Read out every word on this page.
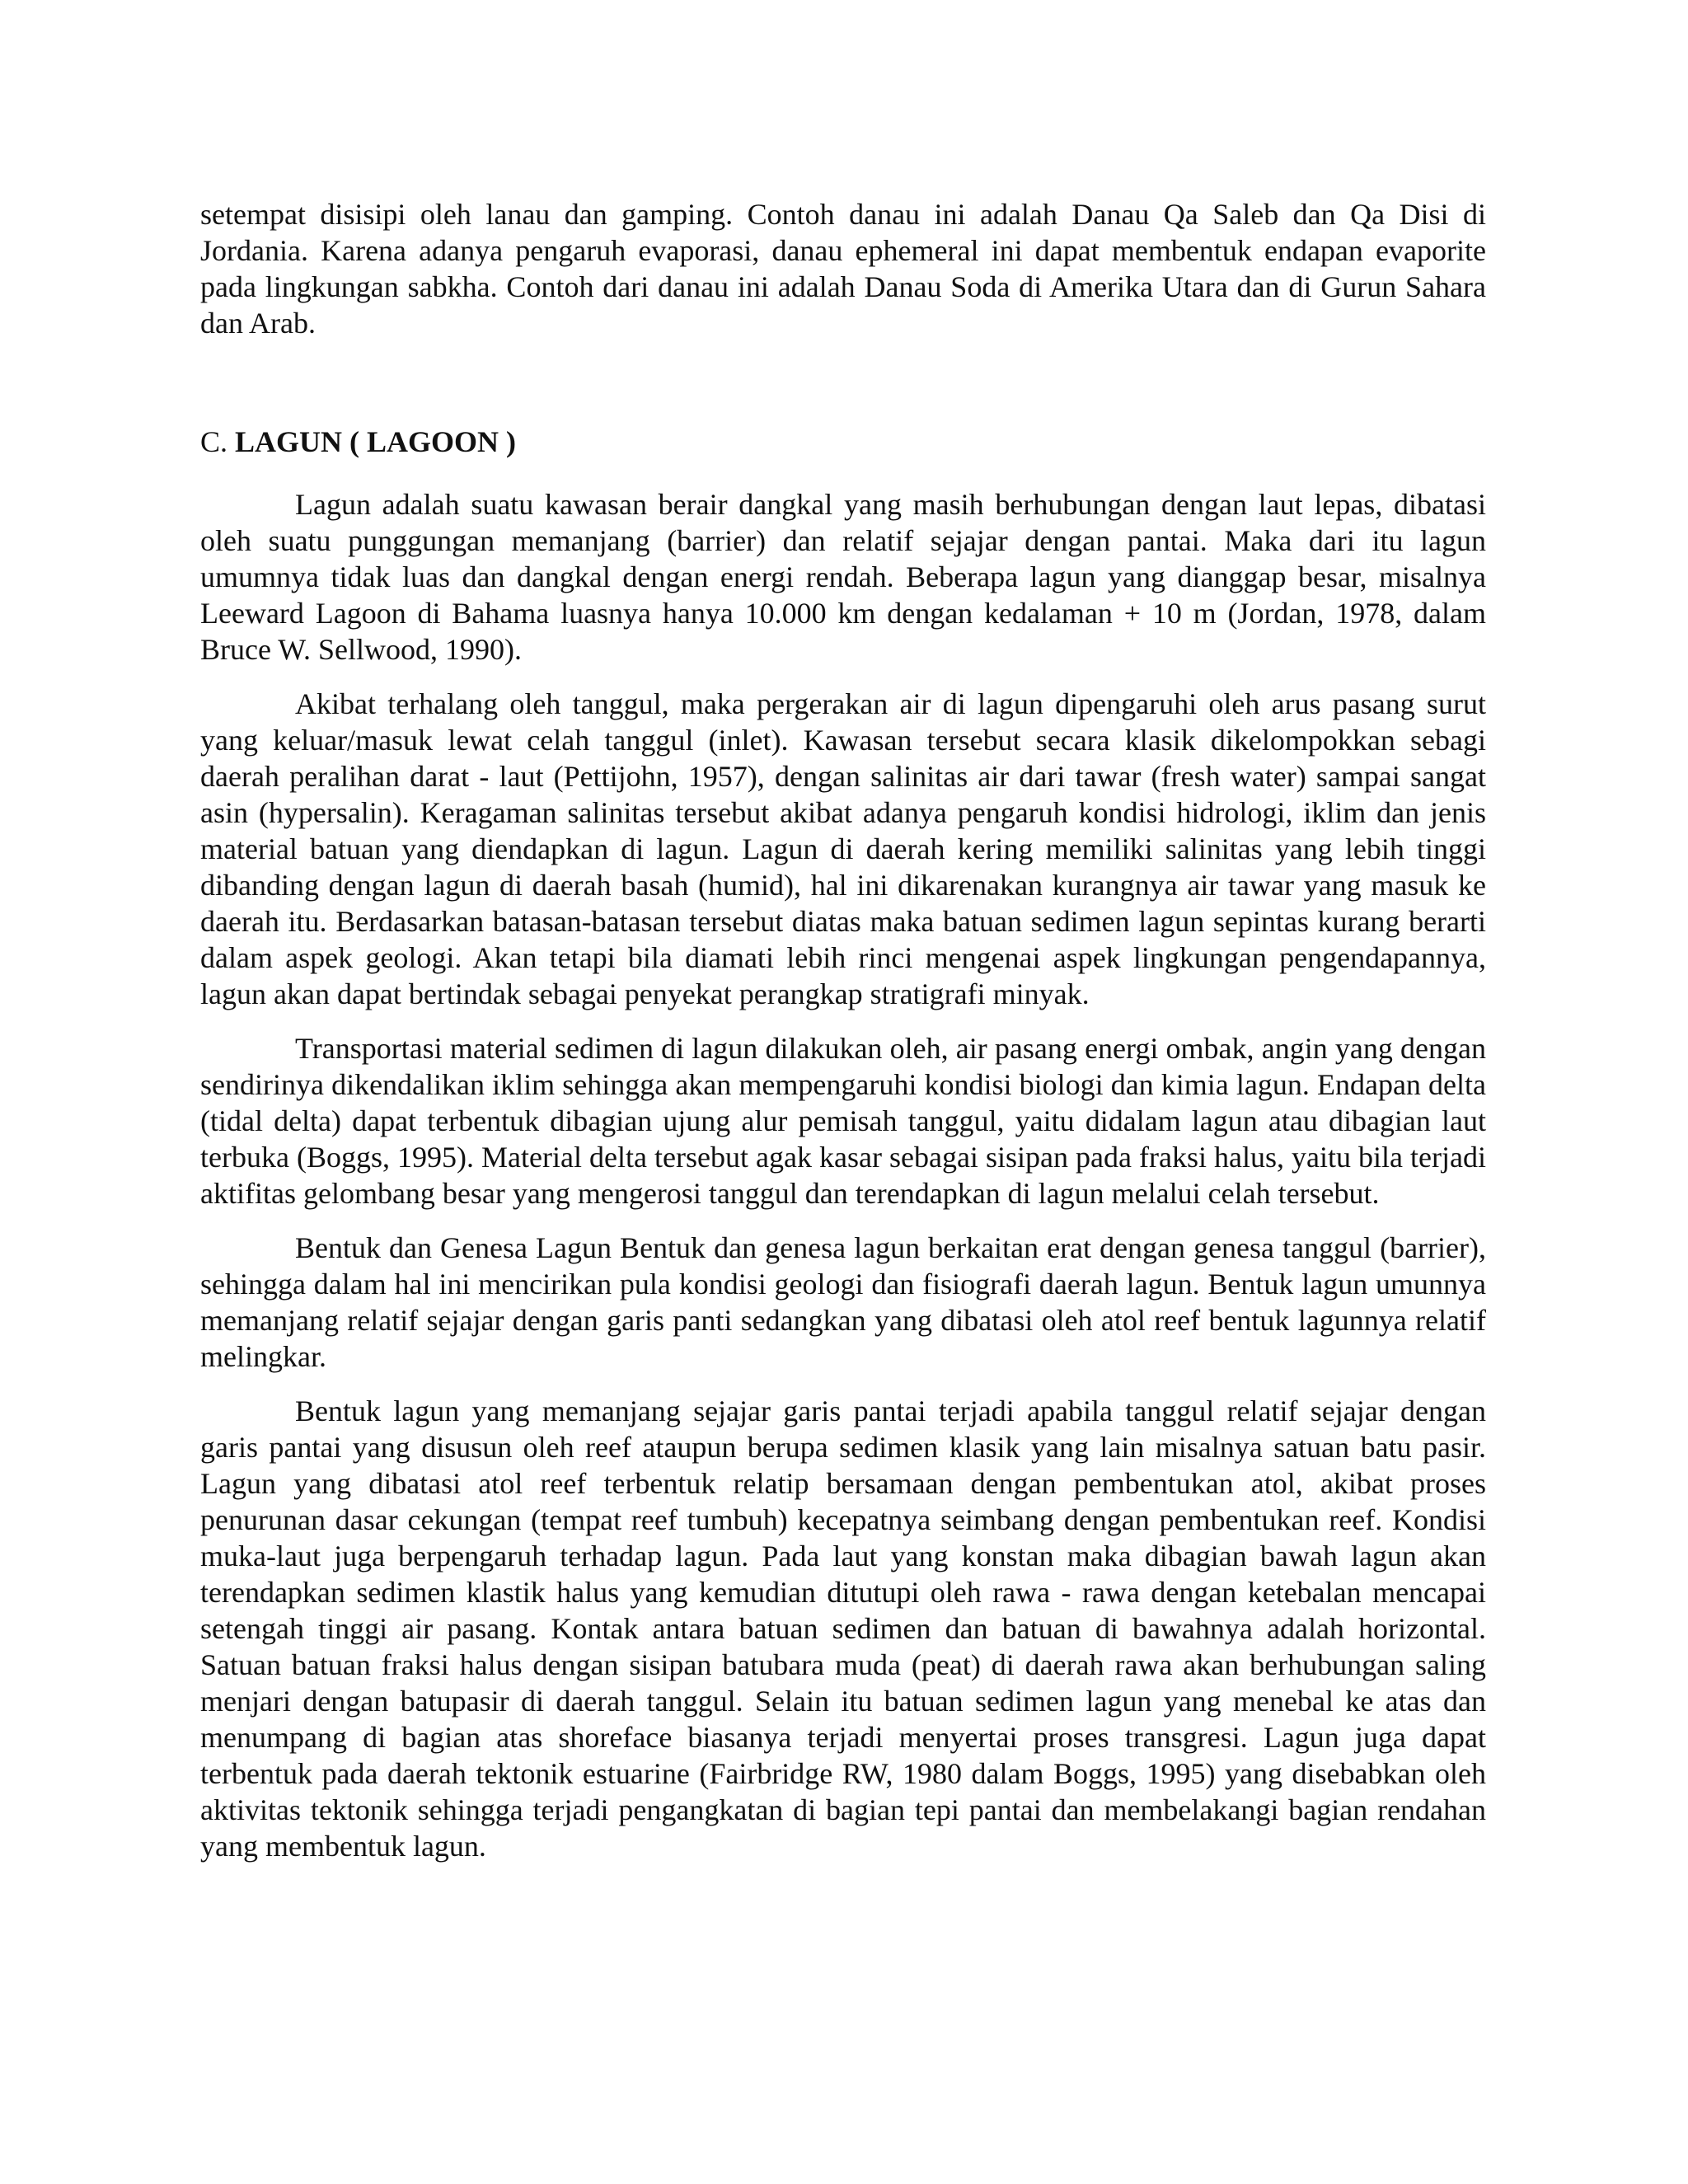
setempat disisipi oleh lanau dan gamping. Contoh danau ini adalah Danau Qa Saleb dan Qa Disi di Jordania. Karena adanya pengaruh evaporasi, danau ephemeral ini dapat membentuk endapan evaporite pada lingkungan sabkha. Contoh dari danau ini adalah Danau Soda di Amerika Utara dan di Gurun Sahara dan Arab.

C. LAGUN ( LAGOON )

Lagun adalah suatu kawasan berair dangkal yang masih berhubungan dengan laut lepas, dibatasi oleh suatu punggungan memanjang (barrier) dan relatif sejajar dengan pantai. Maka dari itu lagun umumnya tidak luas dan dangkal dengan energi rendah. Beberapa lagun yang dianggap besar, misalnya Leeward Lagoon di Bahama luasnya hanya 10.000 km dengan kedalaman + 10 m (Jordan, 1978, dalam Bruce W. Sellwood, 1990).

Akibat terhalang oleh tanggul, maka pergerakan air di lagun dipengaruhi oleh arus pasang surut yang keluar/masuk lewat celah tanggul (inlet). Kawasan tersebut secara klasik dikelompokkan sebagi daerah peralihan darat - laut (Pettijohn, 1957), dengan salinitas air dari tawar (fresh water) sampai sangat asin (hypersalin). Keragaman salinitas tersebut akibat adanya pengaruh kondisi hidrologi, iklim dan jenis material batuan yang diendapkan di lagun. Lagun di daerah kering memiliki salinitas yang lebih tinggi dibanding dengan lagun di daerah basah (humid), hal ini dikarenakan kurangnya air tawar yang masuk ke daerah itu. Berdasarkan batasan-batasan tersebut diatas maka batuan sedimen lagun sepintas kurang berarti dalam aspek geologi. Akan tetapi bila diamati lebih rinci mengenai aspek lingkungan pengendapannya, lagun akan dapat bertindak sebagai penyekat perangkap stratigrafi minyak.

Transportasi material sedimen di lagun dilakukan oleh, air pasang energi ombak, angin yang dengan sendirinya dikendalikan iklim sehingga akan mempengaruhi kondisi biologi dan kimia lagun. Endapan delta (tidal delta) dapat terbentuk dibagian ujung alur pemisah tanggul, yaitu didalam lagun atau dibagian laut terbuka (Boggs, 1995). Material delta tersebut agak kasar sebagai sisipan pada fraksi halus, yaitu bila terjadi aktifitas gelombang besar yang mengerosi tanggul dan terendapkan di lagun melalui celah tersebut.

Bentuk dan Genesa Lagun Bentuk dan genesa lagun berkaitan erat dengan genesa tanggul (barrier), sehingga dalam hal ini mencirikan pula kondisi geologi dan fisiografi daerah lagun. Bentuk lagun umunnya memanjang relatif sejajar dengan garis panti sedangkan yang dibatasi oleh atol reef bentuk lagunnya relatif melingkar.

Bentuk lagun yang memanjang sejajar garis pantai terjadi apabila tanggul relatif sejajar dengan garis pantai yang disusun oleh reef ataupun berupa sedimen klasik yang lain misalnya satuan batu pasir. Lagun yang dibatasi atol reef terbentuk relatip bersamaan dengan pembentukan atol, akibat proses penurunan dasar cekungan (tempat reef tumbuh) kecepatnya seimbang dengan pembentukan reef. Kondisi muka-laut juga berpengaruh terhadap lagun. Pada laut yang konstan maka dibagian bawah lagun akan terendapkan sedimen klastik halus yang kemudian ditutupi oleh rawa - rawa dengan ketebalan mencapai setengah tinggi air pasang. Kontak antara batuan sedimen dan batuan di bawahnya adalah horizontal. Satuan batuan fraksi halus dengan sisipan batubara muda (peat) di daerah rawa akan berhubungan saling menjari dengan batupasir di daerah tanggul. Selain itu batuan sedimen lagun yang menebal ke atas dan menumpang di bagian atas shoreface biasanya terjadi menyertai proses transgresi. Lagun juga dapat terbentuk pada daerah tektonik estuarine (Fairbridge RW, 1980 dalam Boggs, 1995) yang disebabkan oleh aktivitas tektonik sehingga terjadi pengangkatan di bagian tepi pantai dan membelakangi bagian rendahan yang membentuk lagun.
